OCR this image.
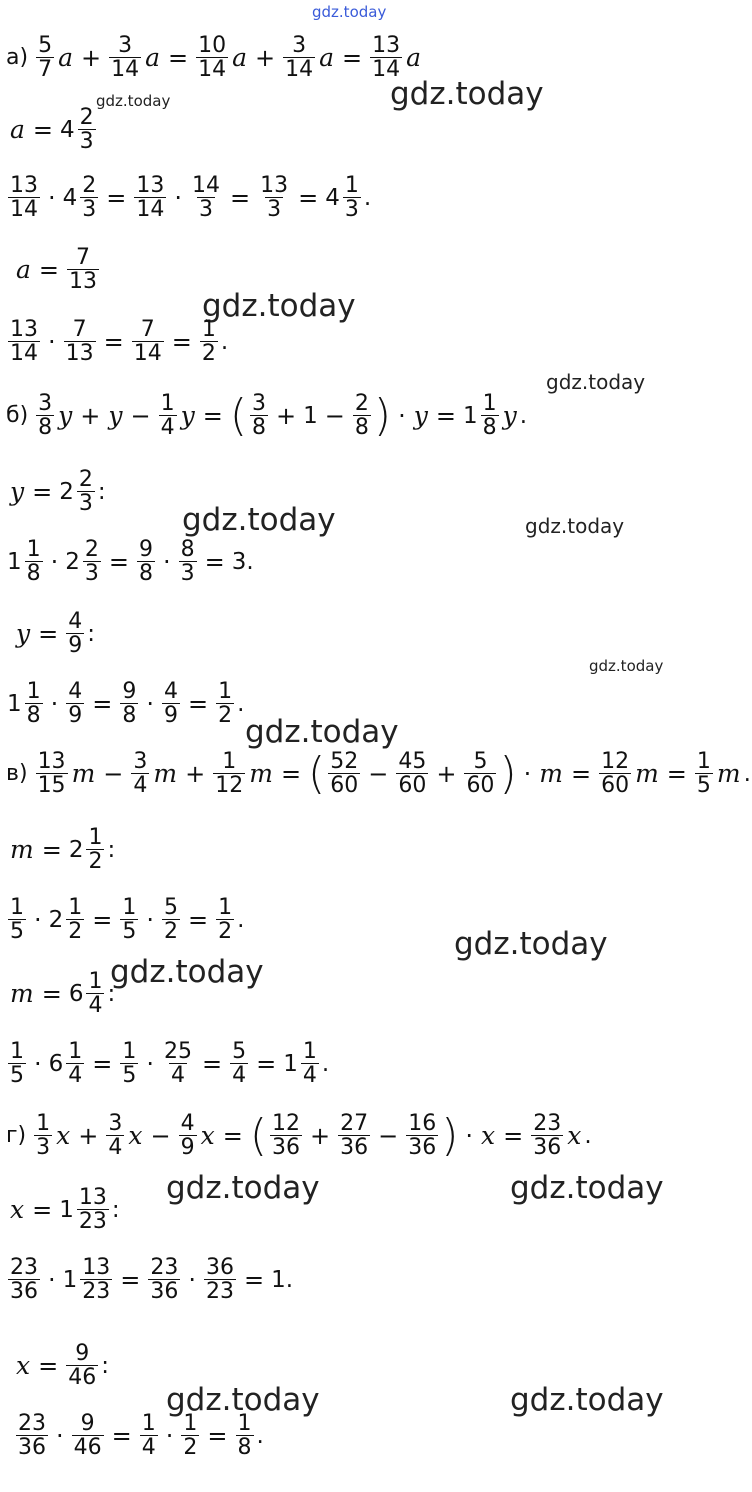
gdz.today
gdz.today
gdz.today
gdz.today
gdz.today
gdz.today	gdz.today
gdz.today
gdz.today
gdz.today
gdz.today
gdz.today	gdz.today
gdz.today	gdz.today
$а) \frac{5}{7}$ $a + \frac{3}{14}$ $a = \frac{10}{14}$ $a + \frac{3}{14}$ $a = \frac{13}{14}$ a
$a = 4 \frac{2}{3}$
$\frac{13}{14} \cdot 4 \frac{2}{3} = \frac{13}{14} \cdot \frac{14}{3} = \frac{13}{3} = 4 \frac{1}{3}$ .
$a = \frac{7}{13}$
$\frac{13}{14} \cdot \frac{7}{13} = \frac{7}{14} = \frac{1}{2}$ .
$б) \frac{3}{8}$ $y + y - \frac{1}{4}$ y = ( $\frac{3}{8} + 1 - \frac{2}{8}$ ) · $y = 1 \frac{1}{8}$ y .
$y = 2 \frac{2}{3}$ :
$1 \frac{1}{8} \cdot 2 \frac{2}{3} = \frac{9}{8} \cdot \frac{8}{3} = 3$.
$y = \frac{4}{9}$ :
$1 \frac{1}{8} \cdot \frac{4}{9} = \frac{9}{8} \cdot \frac{4}{9} = \frac{1}{2}$ .
$в) \frac{13}{15}$ $m - \frac{3}{4}$ $m + \frac{1}{12}$ m = ( $\frac{52}{60} - \frac{45}{60} + \frac{5}{60}$ ) · $m = \frac{12}{60}$ $m = \frac{1}{5}$ m .
$m = 2 \frac{1}{2}$ :
$\frac{1}{5} \cdot 2 \frac{1}{2} = \frac{1}{5} \cdot \frac{5}{2} = \frac{1}{2}$ .
$m = 6 \frac{1}{4}$ :
$\frac{1}{5} \cdot 6 \frac{1}{4} = \frac{1}{5} \cdot \frac{25}{4} = \frac{5}{4} = 1 \frac{1}{4}$ .
$г) \frac{1}{3}$ $x + \frac{3}{4}$ $x - \frac{4}{9}$ x = ( $\frac{12}{36} + \frac{27}{36} - \frac{16}{36}$ ) · $x = \frac{23}{36}$ x .
$x = 1 \frac{13}{23}$ :
$\frac{23}{36} \cdot 1 \frac{13}{23} = \frac{23}{36} \cdot \frac{36}{23} = 1$.
$x = \frac{9}{46}$ :
$\frac{23}{36} \cdot \frac{9}{46} = \frac{1}{4} \cdot \frac{1}{2} = \frac{1}{8}$ .
